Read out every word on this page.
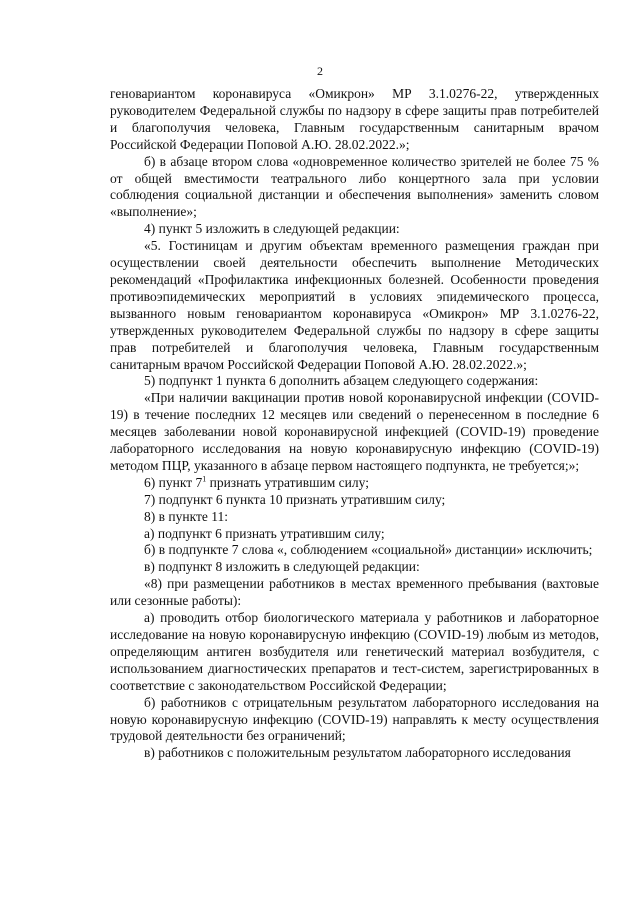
2

геновариантом коронавируса «Омикрон» МР 3.1.0276-22, утвержденных руководителем Федеральной службы по надзору в сфере защиты прав потребителей и благополучия человека, Главным государственным санитарным врачом Российской Федерации Поповой А.Ю. 28.02.2022.»;

б) в абзаце втором слова «одновременное количество зрителей не более 75 % от общей вместимости театрального либо концертного зала при условии соблюдения социальной дистанции и обеспечения выполнения» заменить словом «выполнение»;

4) пункт 5 изложить в следующей редакции:

«5. Гостиницам и другим объектам временного размещения граждан при осуществлении своей деятельности обеспечить выполнение Методических рекомендаций «Профилактика инфекционных болезней. Особенности проведения противоэпидемических мероприятий в условиях эпидемического процесса, вызванного новым геновариантом коронавируса «Омикрон» МР 3.1.0276-22, утвержденных руководителем Федеральной службы по надзору в сфере защиты прав потребителей и благополучия человека, Главным государственным санитарным врачом Российской Федерации Поповой А.Ю. 28.02.2022.»;

5) подпункт 1 пункта 6 дополнить абзацем следующего содержания:

«При наличии вакцинации против новой коронавирусной инфекции (COVID-19) в течение последних 12 месяцев или сведений о перенесенном в последние 6 месяцев заболевании новой коронавирусной инфекцией (COVID-19) проведение лабораторного исследования на новую коронавирусную инфекцию (COVID-19) методом ПЦР, указанного в абзаце первом настоящего подпункта, не требуется;»;

6) пункт $7^1$ признать утратившим силу;

7) подпункт 6 пункта 10 признать утратившим силу;

8) в пункте 11:

а) подпункт 6 признать утратившим силу;

б) в подпункте 7 слова «, соблюдением «социальной» дистанции» исключить;

в) подпункт 8 изложить в следующей редакции:

«8) при размещении работников в местах временного пребывания (вахтовые или сезонные работы):

а) проводить отбор биологического материала у работников и лабораторное исследование на новую коронавирусную инфекцию (COVID-19) любым из методов, определяющим антиген возбудителя или генетический материал возбудителя, с использованием диагностических препаратов и тест-систем, зарегистрированных в соответствие с законодательством Российской Федерации;

б) работников с отрицательным результатом лабораторного исследования на новую коронавирусную инфекцию (COVID-19) направлять к месту осуществления трудовой деятельности без ограничений;

в) работников с положительным результатом лабораторного исследования
